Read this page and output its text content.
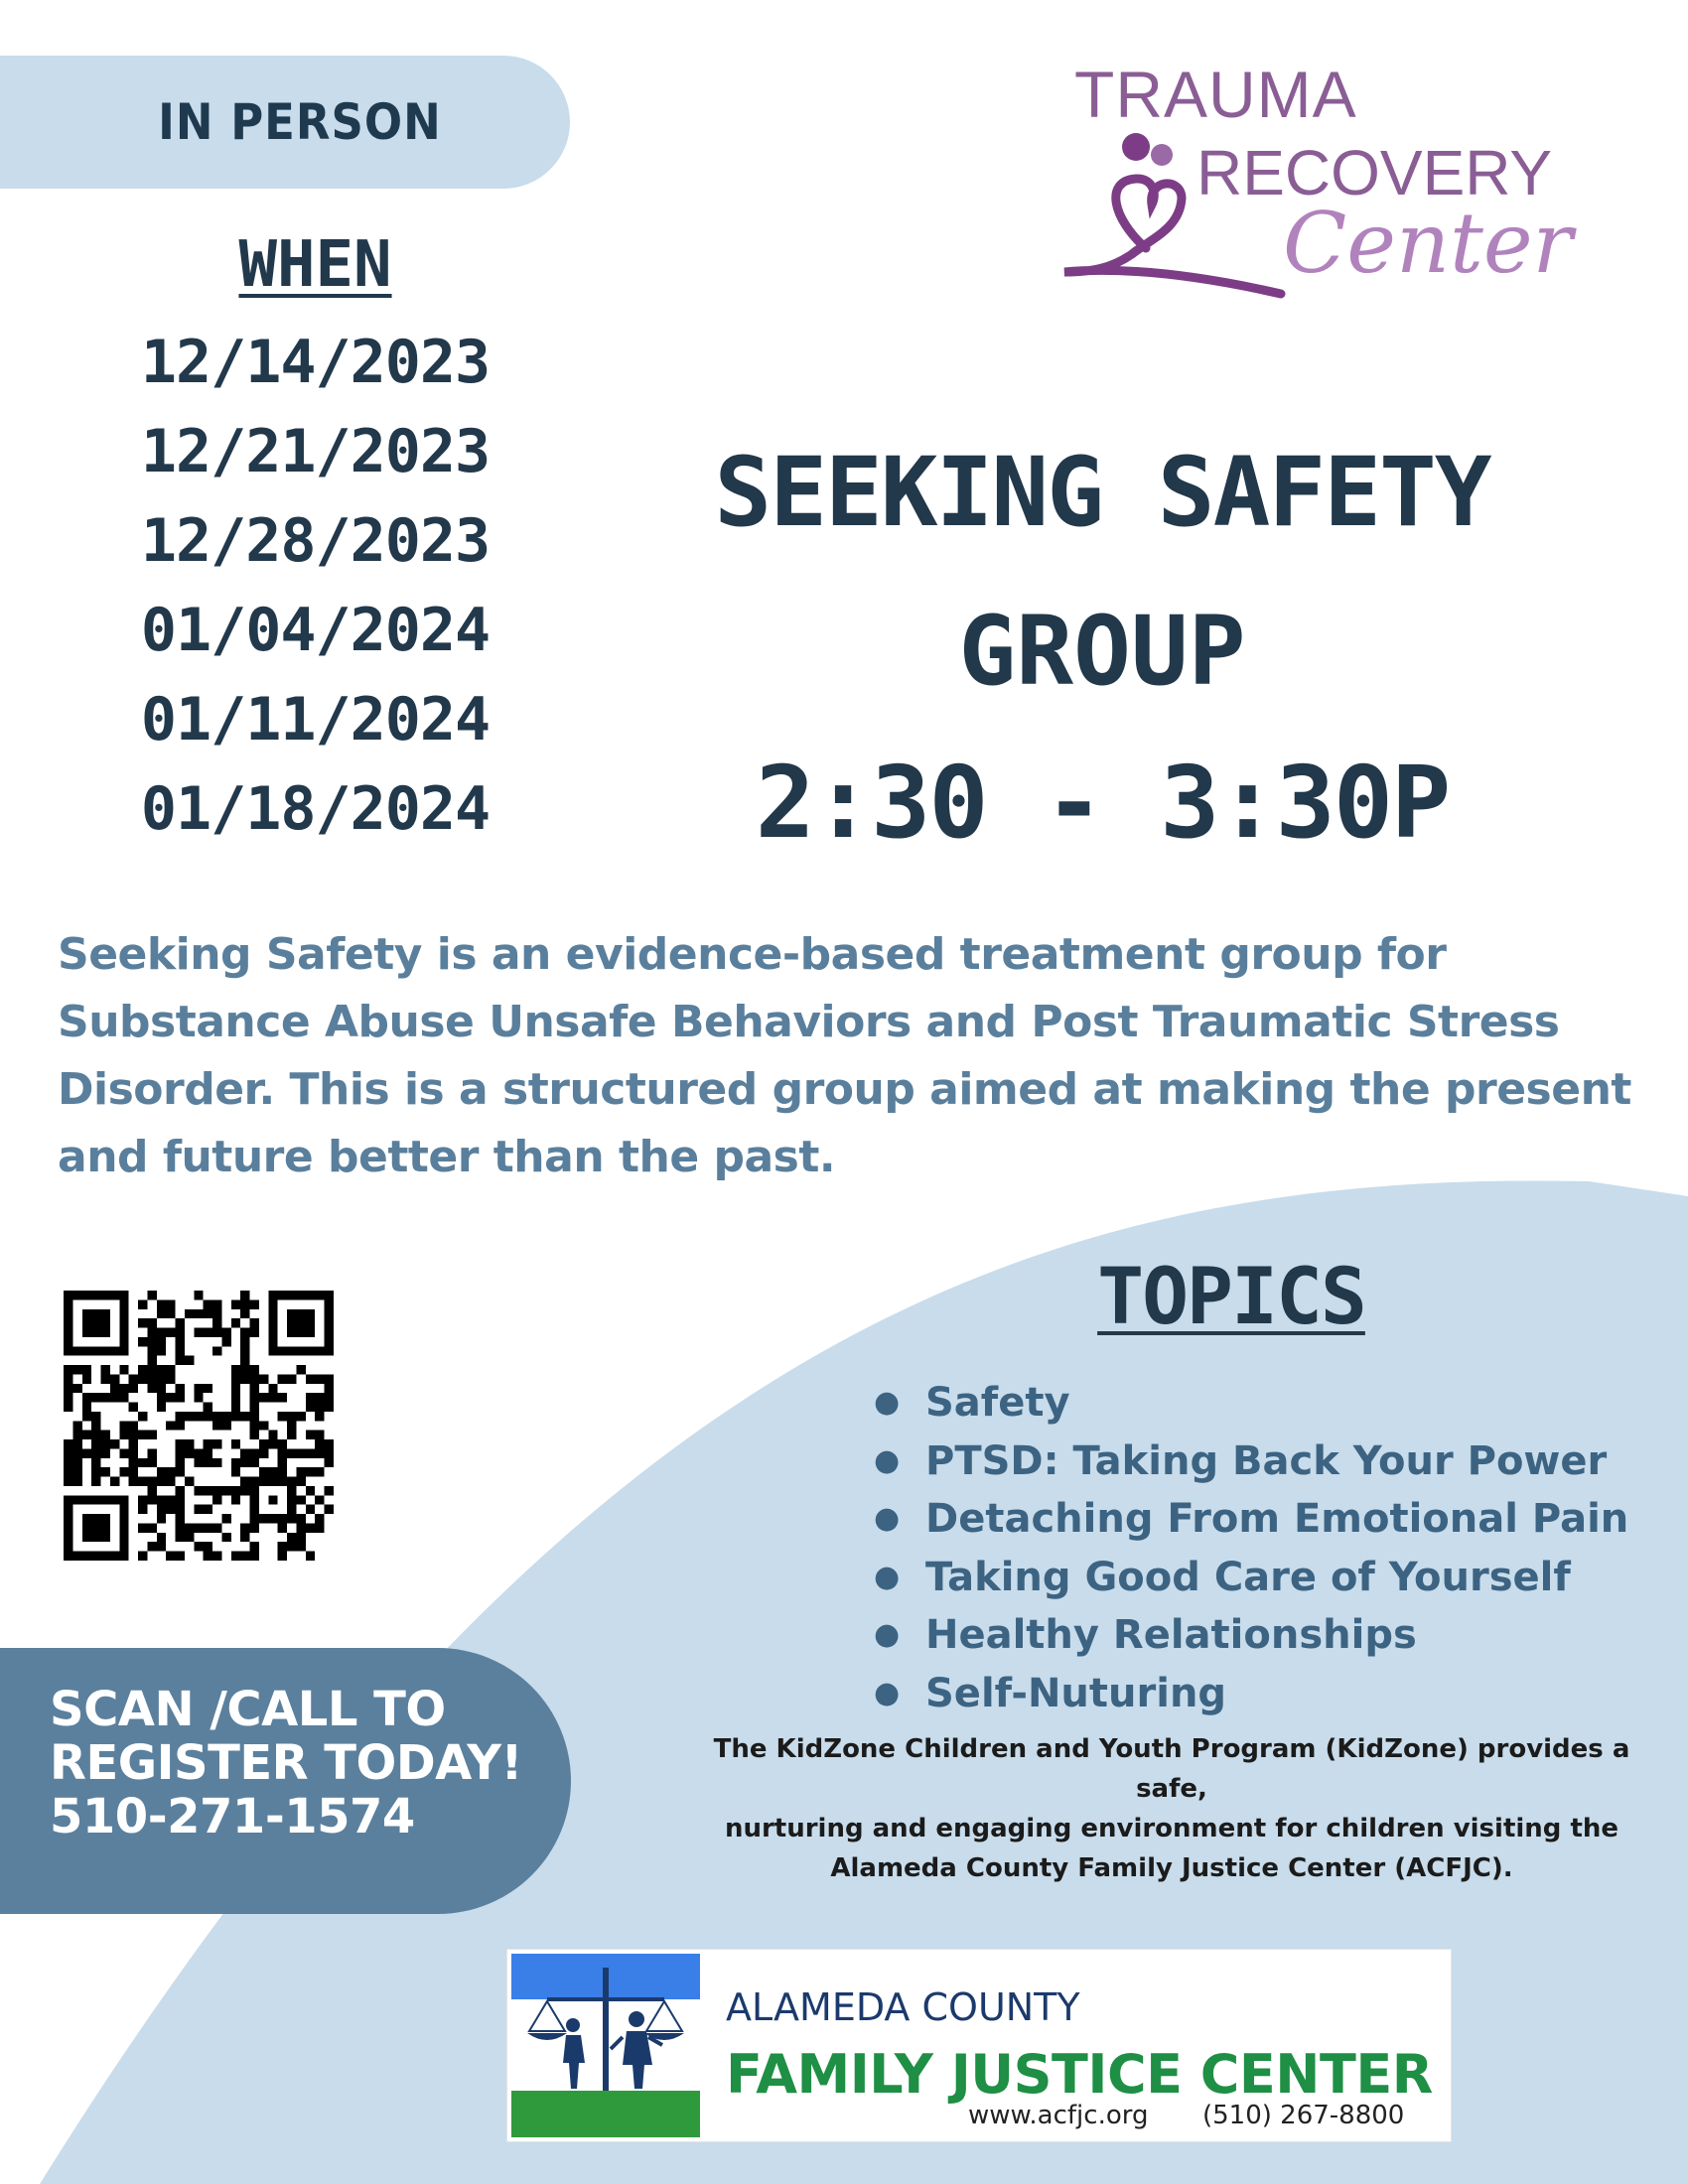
IN PERSON
WHEN
12/14/2023
12/21/2023
12/28/2023
01/04/2024
01/11/2024
01/18/2024
TRAUMA
RECOVERY
Center
SEEKING SAFETY
GROUP
2:30 - 3:30P
Seeking Safety is an evidence-based treatment group for
Substance Abuse Unsafe Behaviors and Post Traumatic Stress
Disorder. This is a structured group aimed at making the present
and future better than the past.
TOPICS
● Safety
● PTSD: Taking Back Your Power
● Detaching From Emotional Pain
● Taking Good Care of Yourself
● Healthy Relationships
● Self-Nuturing
The KidZone Children and Youth Program (KidZone) provides a safe,
nurturing and engaging environment for children visiting the
Alameda County Family Justice Center (ACFJC).
SCAN /CALL TO
REGISTER TODAY!
510-271-1574
ALAMEDA COUNTY
FAMILY JUSTICE CENTER
www.acfjc.org (510) 267-8800
